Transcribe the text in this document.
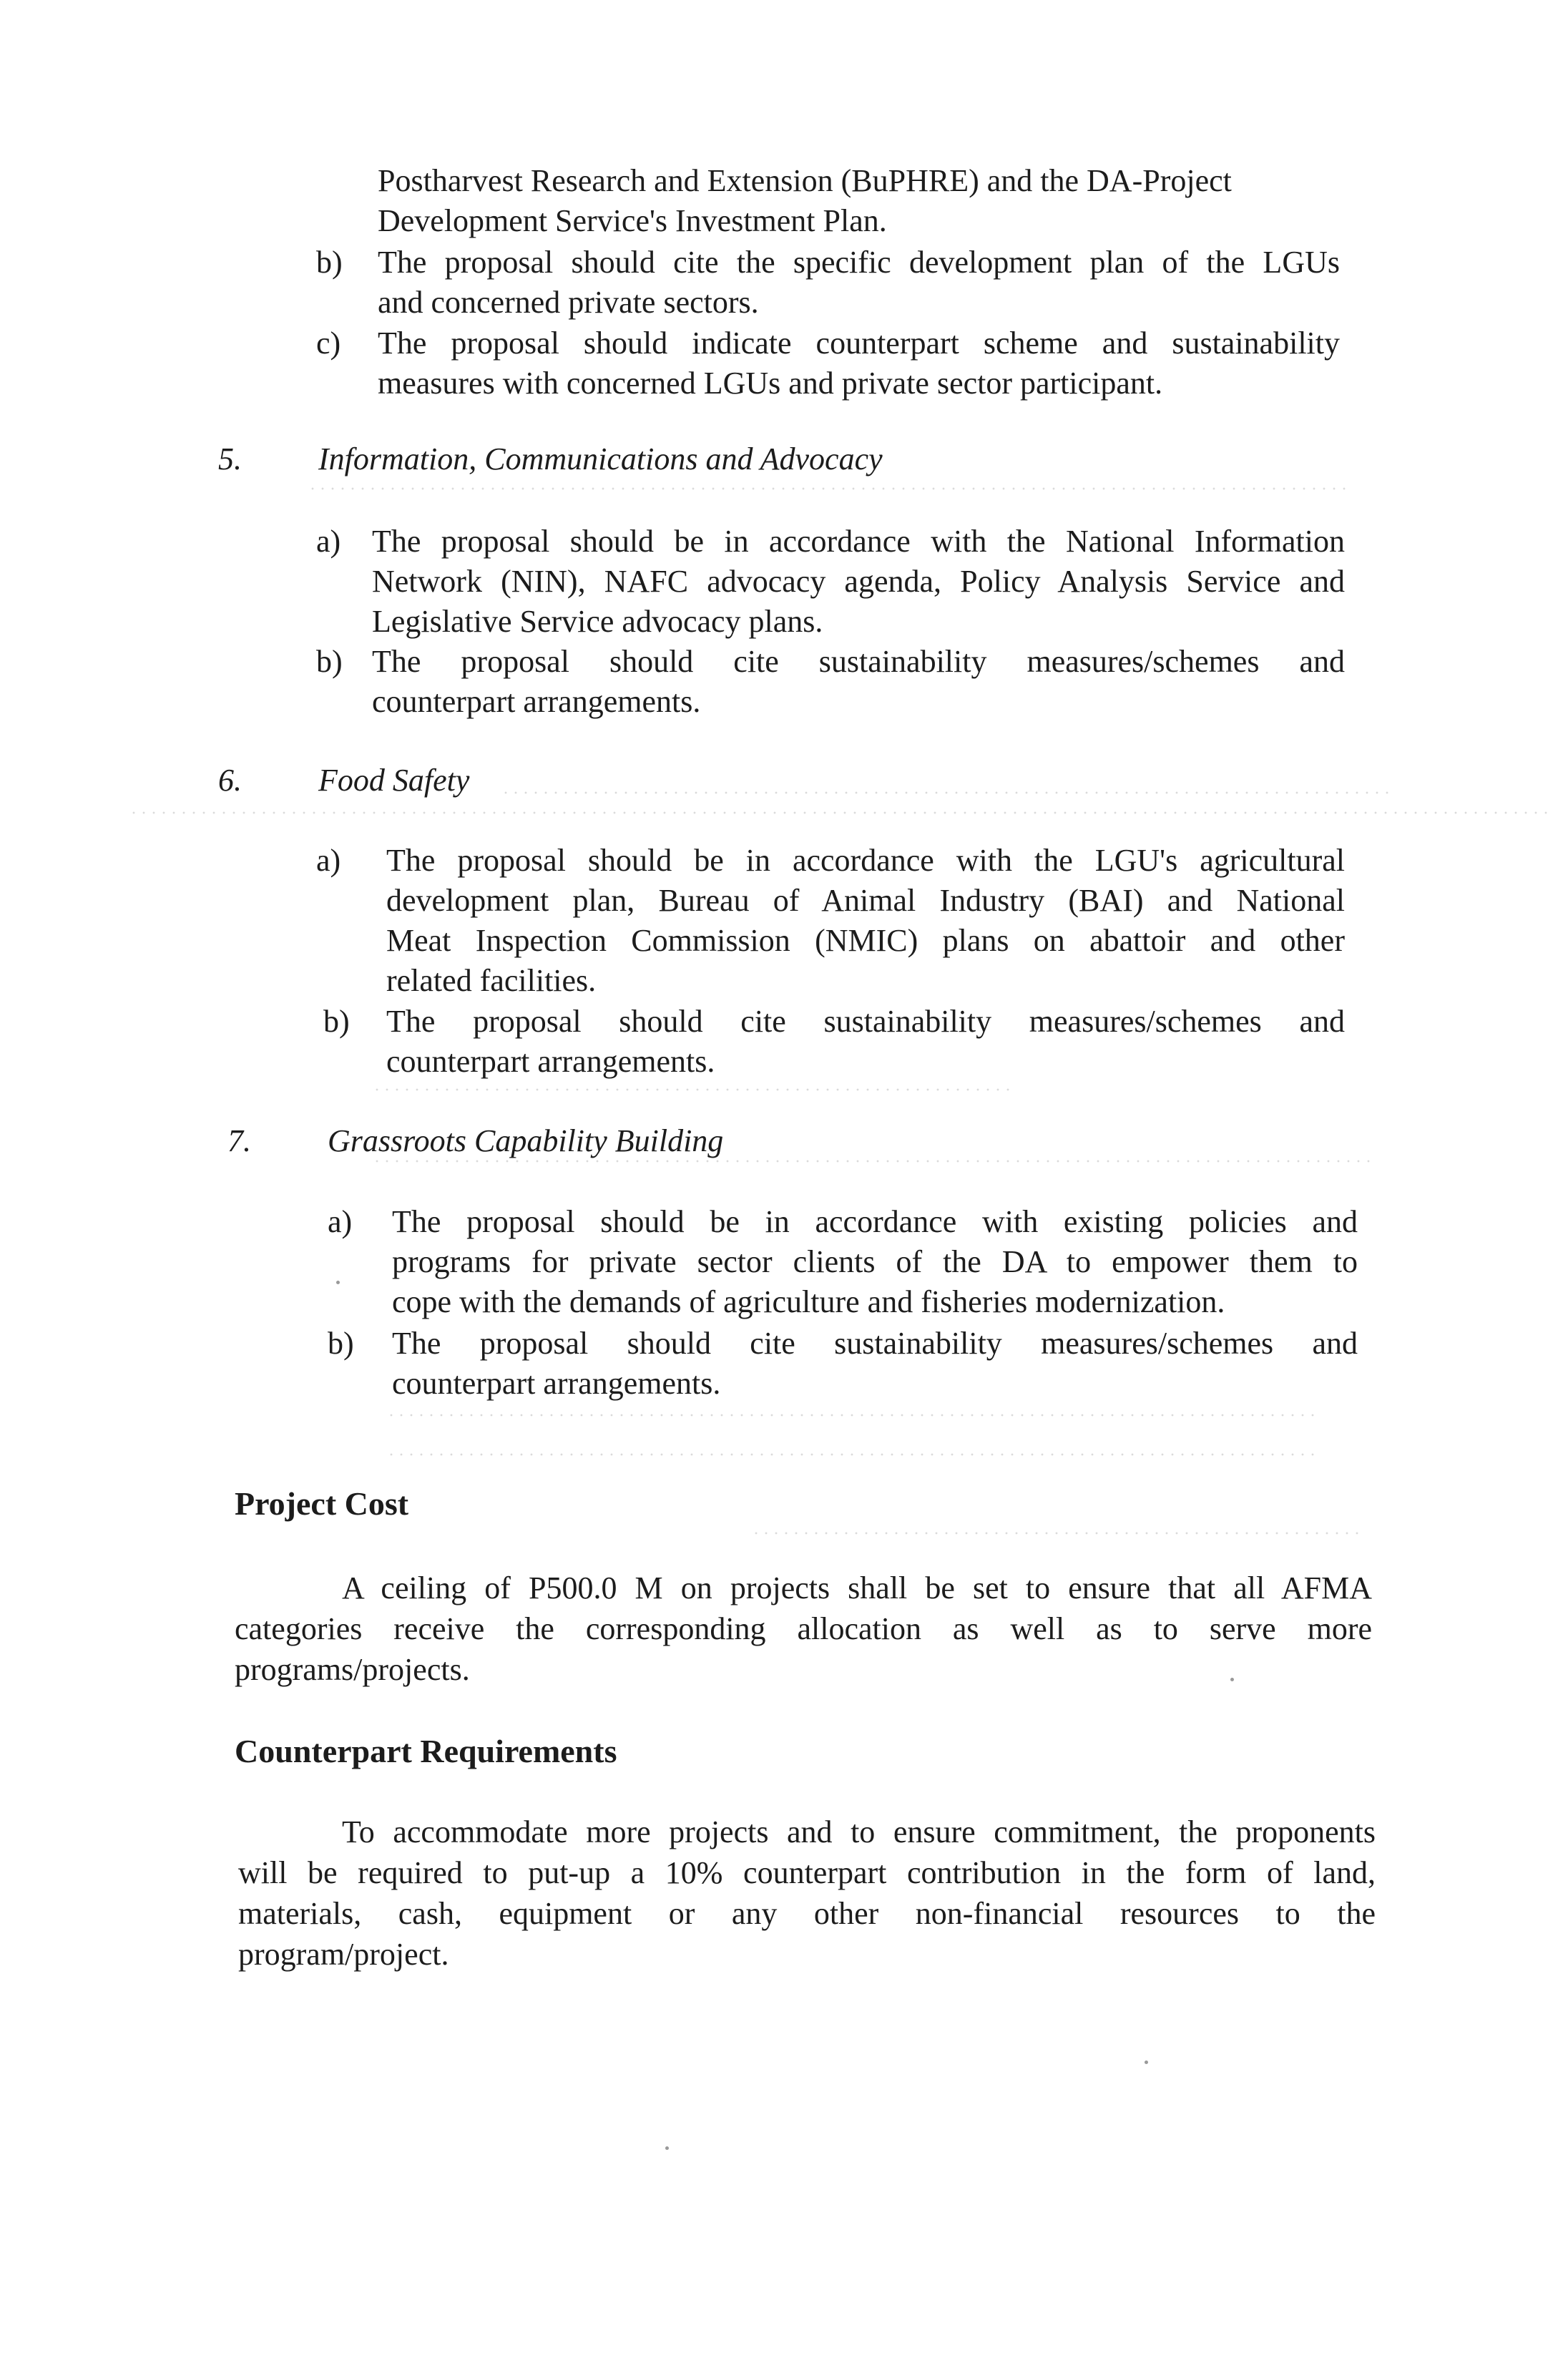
Postharvest Research and Extension (BuPHRE) and the DA-Project
Development Service's Investment Plan.
b) The proposal should cite the specific development plan of the LGUs
and concerned private sectors.
c) The proposal should indicate counterpart scheme and sustainability
measures with concerned LGUs and private sector participant.
5. Information, Communications and Advocacy
a) The proposal should be in accordance with the National Information
Network (NIN), NAFC advocacy agenda, Policy Analysis Service and
Legislative Service advocacy plans.
b) The proposal should cite sustainability measures/schemes and
counterpart arrangements.
6. Food Safety
a) The proposal should be in accordance with the LGU's agricultural
development plan, Bureau of Animal Industry (BAI) and National
Meat Inspection Commission (NMIC) plans on abattoir and other
related facilities.
b) The proposal should cite sustainability measures/schemes and
counterpart arrangements.
7. Grassroots Capability Building
a) The proposal should be in accordance with existing policies and
programs for private sector clients of the DA to empower them to
cope with the demands of agriculture and fisheries modernization.
b) The proposal should cite sustainability measures/schemes and
counterpart arrangements.
Project Cost
A ceiling of P500.0 M on projects shall be set to ensure that all AFMA
categories receive the corresponding allocation as well as to serve more
programs/projects.
Counterpart Requirements
To accommodate more projects and to ensure commitment, the proponents
will be required to put-up a 10% counterpart contribution in the form of land,
materials, cash, equipment or any other non-financial resources to the
program/project.
